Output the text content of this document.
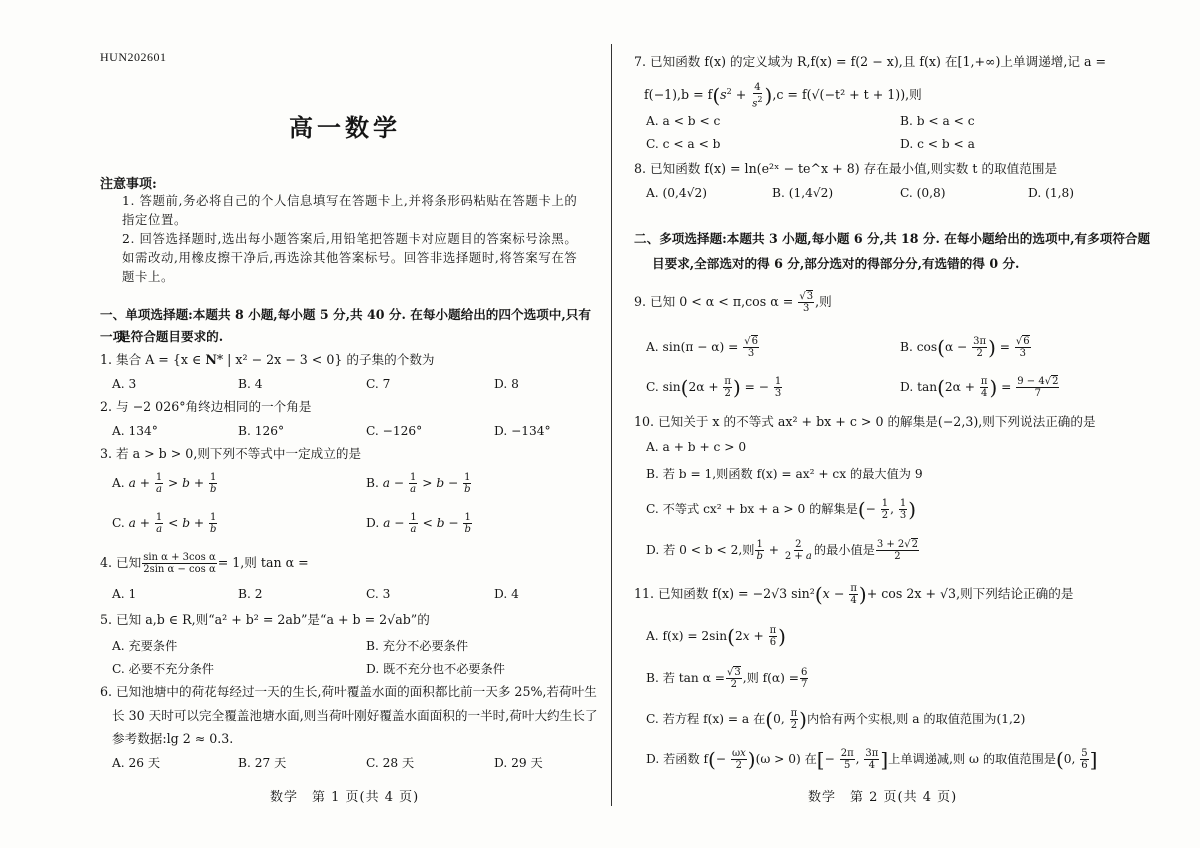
HUN202601
高一数学
注意事项:
1. 答题前,务必将自己的个人信息填写在答题卡上,并将条形码粘贴在答题卡上的指定位置。
2. 回答选择题时,选出每小题答案后,用铅笔把答题卡对应题目的答案标号涂黑。如需改动,用橡皮擦干净后,再选涂其他答案标号。回答非选择题时,将答案写在答题卡上。
一、单项选择题:本题共 8 小题,每小题 5 分,共 40 分. 在每小题给出的四个选项中,只有一项
是符合题目要求的.
1. 集合 A = {x ∈ N* | x² − 2x − 3 < 0} 的子集的个数为
A. 3	B. 4	C. 7	D. 8
2. 与 −2 026°角终边相同的一个角是
A. 134°	B. 126°	C. −126°	D. −134°
3. 若 a > b > 0,则下列不等式中一定成立的是
A. $a + \frac{1}{a} > b + \frac{1}{b}$	B. $a - \frac{1}{a} > b - \frac{1}{b}$
C. $a + \frac{1}{a} < b + \frac{1}{b}$	D. $a - \frac{1}{a} < b - \frac{1}{b}$
4. 已知 $\frac{\text{sin α + 3cos α}}{\text{2sin α − cos α}} = 1$,则 tan α =
A. 1	B. 2	C. 3	D. 4
5. 已知 a,b ∈ R,则“a² + b² = 2ab”是“a + b = 2√ab”的
A. 充要条件	B. 充分不必要条件
C. 必要不充分条件	D. 既不充分也不必要条件
6. 已知池塘中的荷花每经过一天的生长,荷叶覆盖水面的面积都比前一天多 25%,若荷叶生
长 30 天时可以完全覆盖池塘水面,则当荷叶刚好覆盖水面面积的一半时,荷叶大约生长了
参考数据:lg 2 ≈ 0.3.
A. 26 天	B. 27 天	C. 28 天	D. 29 天
数学　第 1 页(共 4 页)
7. 已知函数 f(x) 的定义域为 R,f(x) = f(2 − x),且 f(x) 在[1,+∞)上单调递增,记 a =
$f(-1),b = f(s^2 + \frac{4}{s^2} ),c = f(√(-t^2 + t + 1))$,则
A. a < b < c	B. b < a < c
C. c < a < b	D. c < b < a
8. 已知函数 f(x) = ln(e²ˣ − te^x + 8) 存在最小值,则实数 t 的取值范围是
A. (0,4√2)	B. (1,4√2)	C. (0,8)	D. (1,8)
二、多项选择题:本题共 3 小题,每小题 6 分,共 18 分. 在每小题给出的选项中,有多项符合题
目要求,全部选对的得 6 分,部分选对的得部分分,有选错的得 0 分.
9. 已知 0 < α < π,cos $\alpha = \frac{√3}{3}$ ,则
A. $\sin(\pi - \alpha) = \frac{√6}{3}$	B. $\cos(\alpha - \frac{3\pi}{2}$ ) = $\frac{√6}{3}$
C. $\sin(2\alpha + \frac{\pi}{2}$ ) = − $\frac{1}{3}$	D. $\tan(2\alpha + \frac{\pi}{4}$ ) = $\frac{9 - 4√2}{7}$
10. 已知关于 x 的不等式 ax² + bx + c > 0 的解集是(−2,3),则下列说法正确的是
A. a + b + c > 0
B. 若 b = 1,则函数 f(x) = ax² + cx 的最大值为 9
C. 不等式 cx² + bx + a > 0 的解集是(− $\frac{1}{2}$ , $\frac{1}{3}$ )
D. 若 0 < b < 2,则 $\frac{1}{b} + \frac{2}{2 + a}$ 的最小值是 $\frac{3 + 2√2}{2}$
11. 已知函数 f(x) = −2√3 $\sin^2(x - \frac{\pi}{4}$ )+ cos 2x + √3,则下列结论正确的是
A. $f(x) = 2\sin(2x + \frac{\pi}{6}$ )
B. 若 $\tan \alpha = \frac{√3}{2}$ ,则 $f(\alpha) = \frac{6}{7}$
C. 若方程 f(x) = a 在(0, $\frac{\pi}{2}$ )内恰有两个实根,则 a 的取值范围为(1,2)
D. 若函数 $f(- \frac{\omega x}{2} )(\omega > 0)$ 在[− $\frac{2\pi}{5}$ , $\frac{3\pi}{4}$ ]上单调递减,则 ω 的取值范围是(0, $\frac{5}{6}$ ]
数学　第 2 页(共 4 页)
